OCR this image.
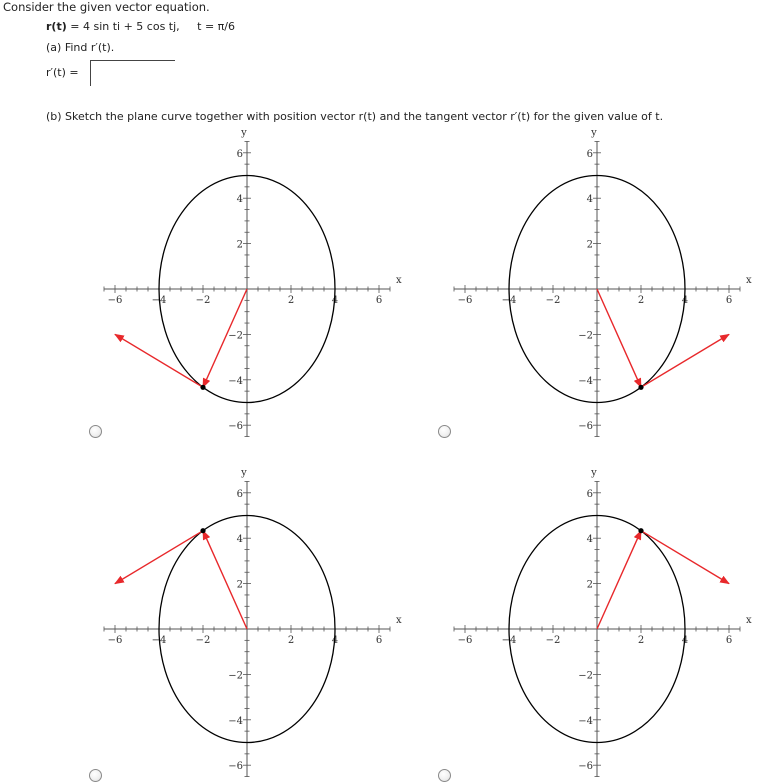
Consider the given vector equation.
r(t) = 4 sin ti + 5 cos tj, t = π/6
(a) Find r′(t).
r′(t) =
(b) Sketch the plane curve together with position vector r(t) and the tangent vector r′(t) for the given value of t.
−6	−4	−2	2	4	6
6
4
2
−2
−4
−6
x
y
−6	−4	−2	2	4	6
6
4
2
−2
−4
−6
x
y
−6	−4	−2	2	4	6
6
4
2
−2
−4
−6
x
y
−6	−4	−2	2	4	6
6
4
2
−2
−4
−6
x
y
